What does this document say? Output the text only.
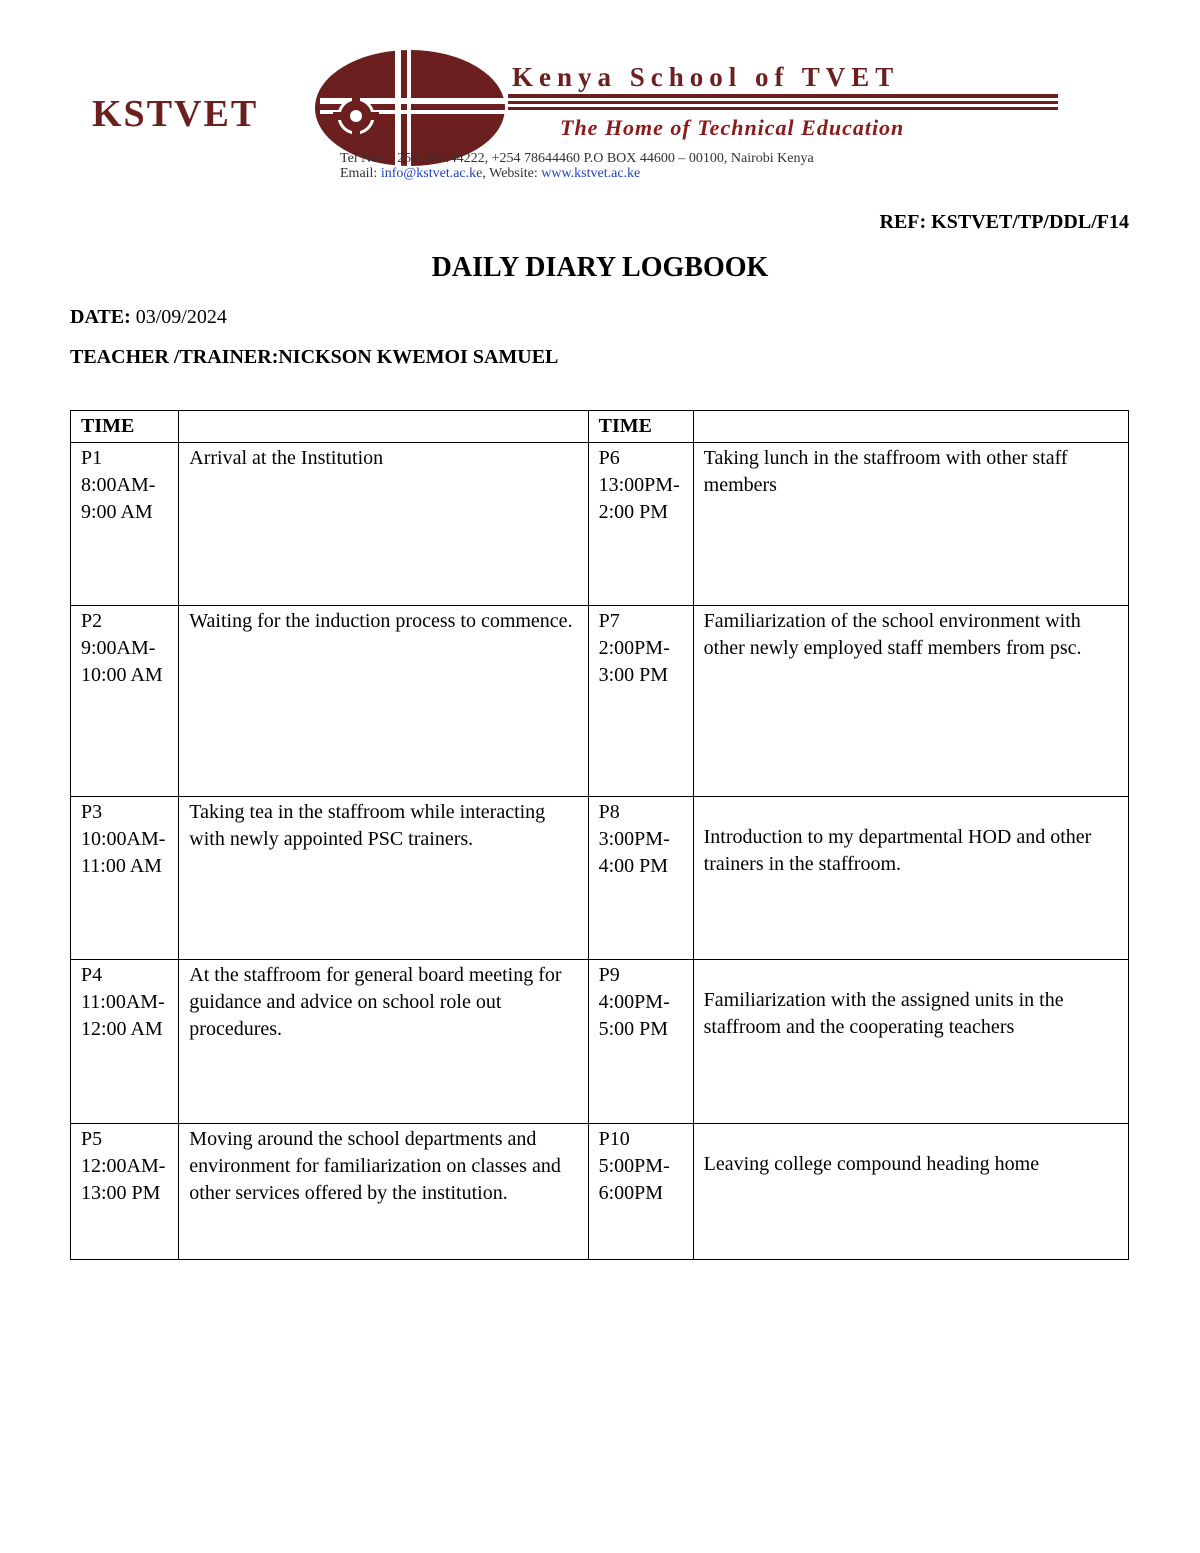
KSTVET
Kenya School of TVET
The Home of Technical Education
Tel No: + 254 707444222, +254 78644460 P.O BOX 44600 – 00100, Nairobi Kenya
Email: info@kstvet.ac.ke, Website: www.kstvet.ac.ke
REF: KSTVET/TP/DDL/F14
DAILY DIARY LOGBOOK
DATE: 03/09/2024
TEACHER /TRAINER:NICKSON KWEMOI SAMUEL
TIME		TIME	

P1
8:00AM-
9:00 AM	Arrival at the Institution	P6
13:00PM-
2:00 PM	Taking lunch in the staffroom with other staff members

P2
9:00AM-
10:00 AM	Waiting for the induction process to commence.	P7
2:00PM-
3:00 PM	Familiarization of the school environment with other newly employed staff members from psc.

P3
10:00AM-
11:00 AM	Taking tea in the staffroom while interacting with newly appointed PSC trainers.	P8
3:00PM-
4:00 PM	Introduction to my departmental HOD and other trainers in the staffroom.

P4
11:00AM-
12:00 AM	At the staffroom for general board meeting for guidance and advice on school role out procedures.	P9
4:00PM-
5:00 PM	Familiarization with the assigned units in the staffroom and the cooperating teachers

P5
12:00AM-
13:00 PM	Moving around the school departments and environment for familiarization on classes and other services offered by the institution.	P10
5:00PM-
6:00PM	Leaving college compound heading home
